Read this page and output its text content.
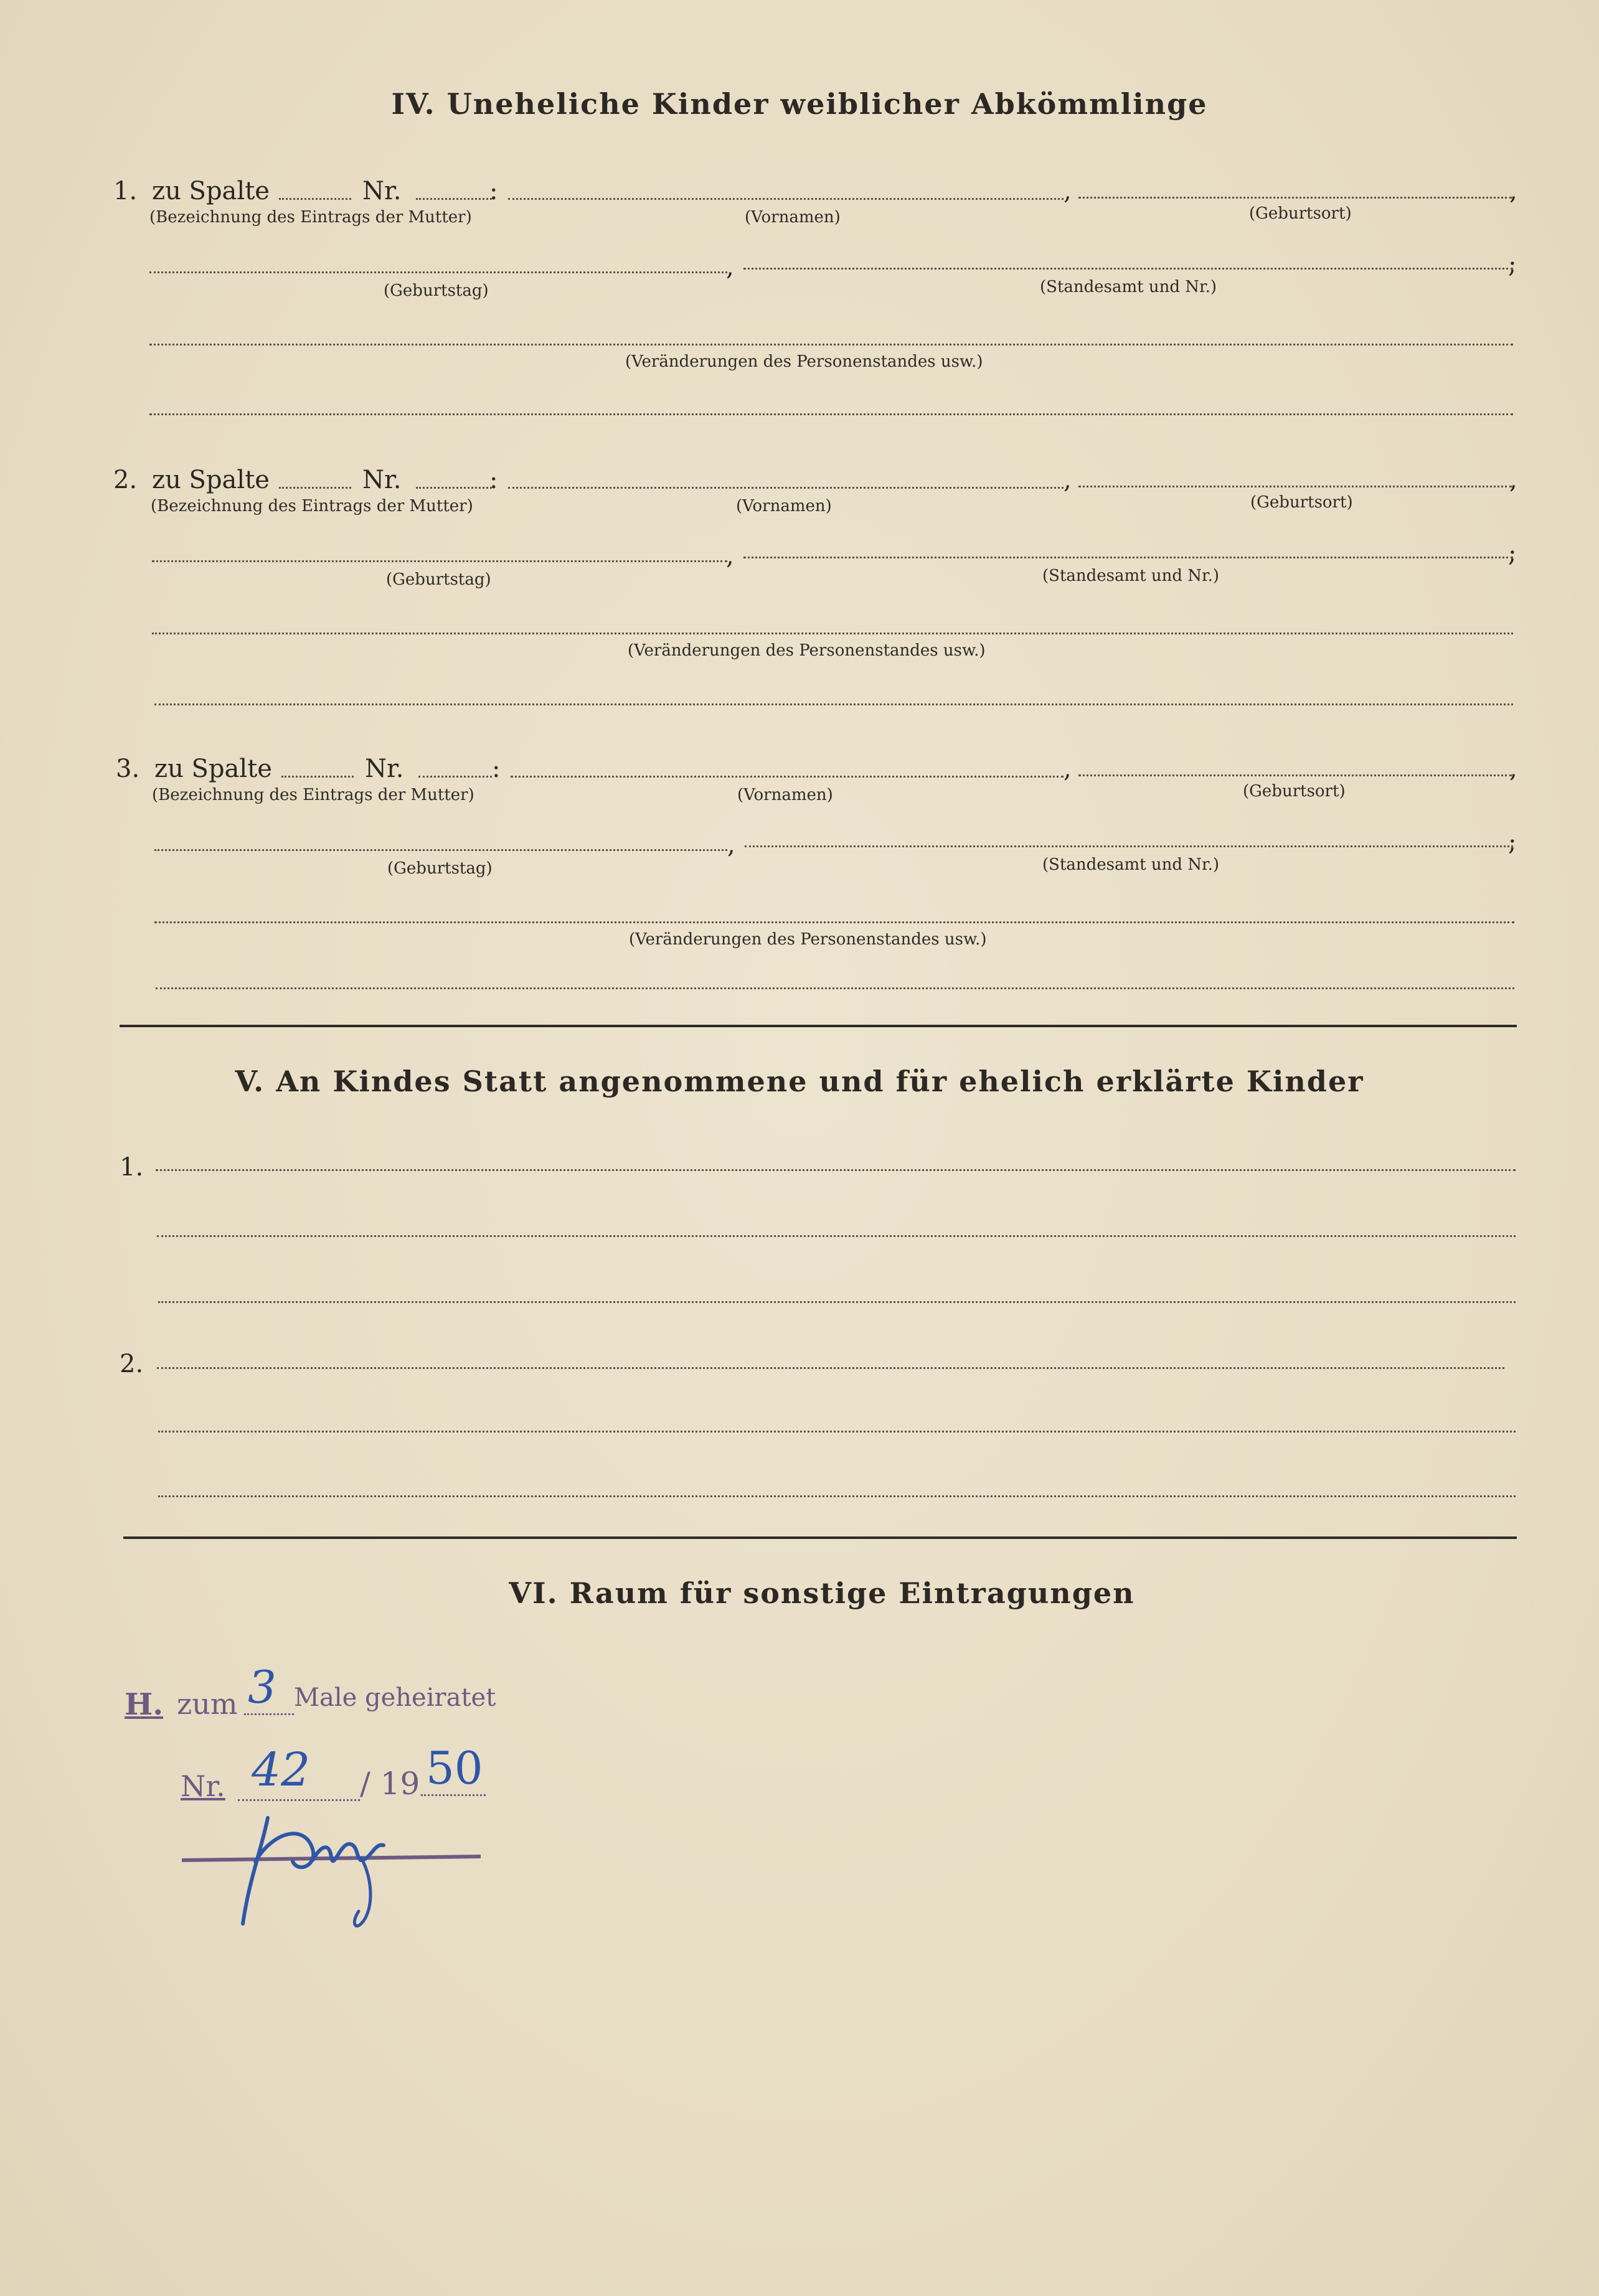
IV. Uneheliche Kinder weiblicher Abkömmlinge
1. zu Spalte	Nr.	:	,	,
(Bezeichnung des Eintrags der Mutter)	(Vornamen)	(Geburtsort)
,	;
(Geburtstag)	(Standesamt und Nr.)
(Veränderungen des Personenstandes usw.)
2. zu Spalte	Nr.	:	,	,
(Bezeichnung des Eintrags der Mutter)	(Vornamen)	(Geburtsort)
,	;
(Geburtstag)	(Standesamt und Nr.)
(Veränderungen des Personenstandes usw.)
3. zu Spalte	Nr.	:	,	,
(Bezeichnung des Eintrags der Mutter)	(Vornamen)	(Geburtsort)
,	;
(Geburtstag)	(Standesamt und Nr.)
(Veränderungen des Personenstandes usw.)
V. An Kindes Statt angenommene und für ehelich erklärte Kinder
1.
2.
VI. Raum für sonstige Eintragungen
H. zum 3 Male geheiratet
Nr. 42 / 19 50
